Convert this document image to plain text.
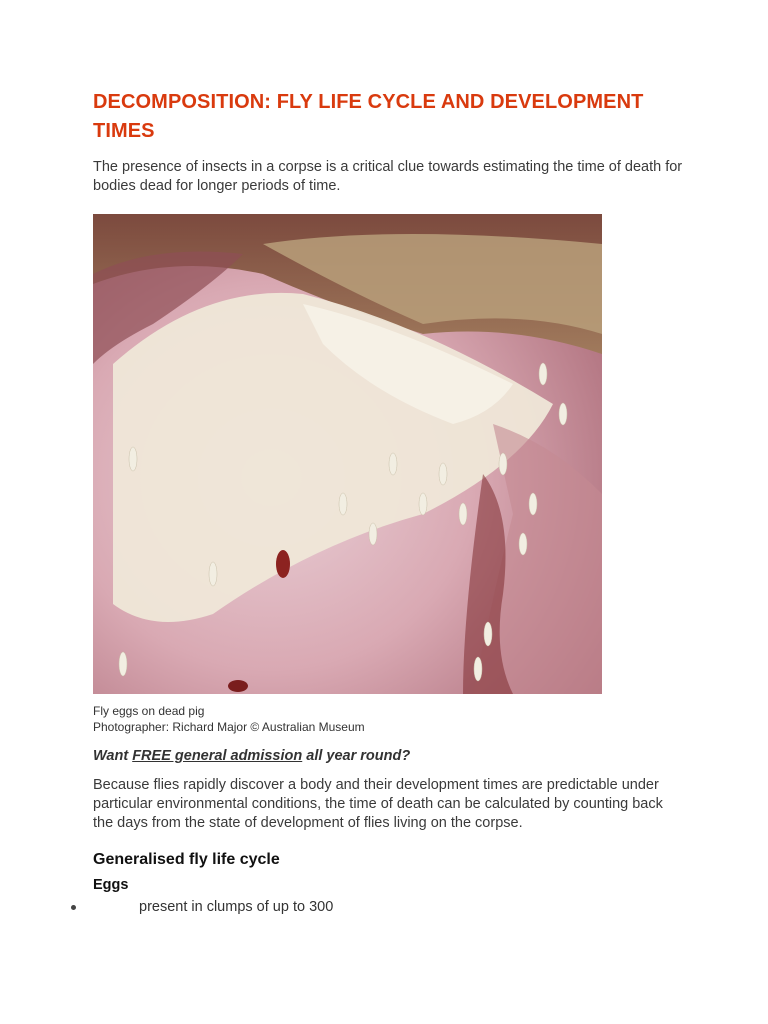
DECOMPOSITION: FLY LIFE CYCLE AND DEVELOPMENT TIMES

The presence of insects in a corpse is a critical clue towards estimating the time of death for bodies dead for longer periods of time.

Fly eggs on dead pig
Photographer: Richard Major © Australian Museum
Want FREE general admission all year round?

Because flies rapidly discover a body and their development times are predictable under particular environmental conditions, the time of death can be calculated by counting back the days from the state of development of flies living on the corpse.

Generalised fly life cycle
Eggs
present in clumps of up to 300
